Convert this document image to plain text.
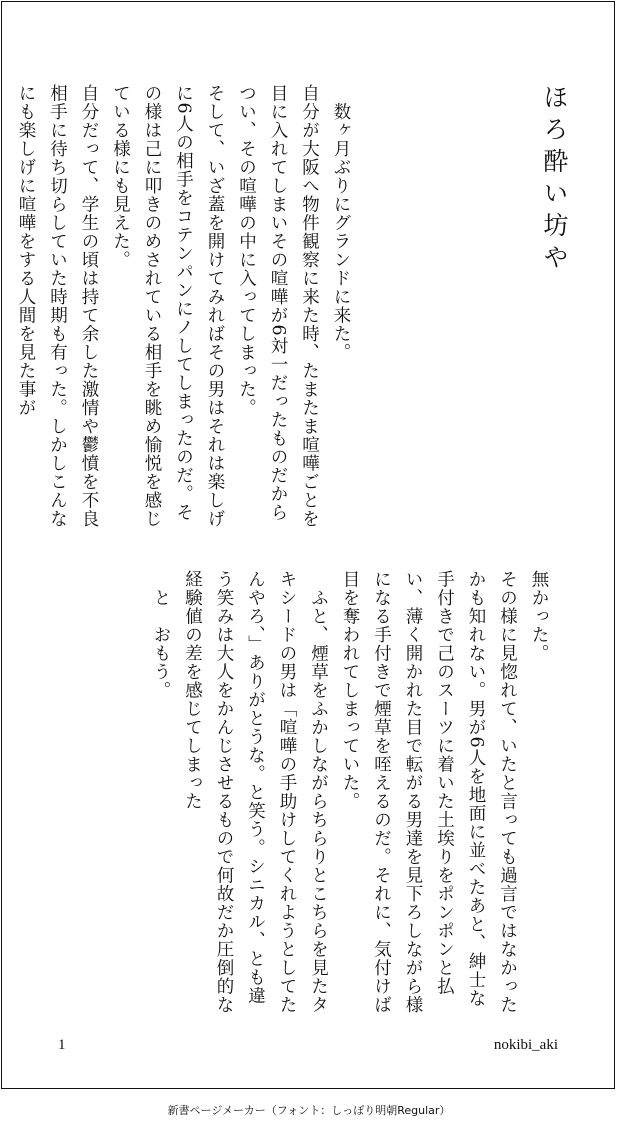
ほろ酔い坊や

　数ヶ月ぶりにグランドに来た。

自分が大阪へ物件観察に来た時、たまたま喧嘩ごとを目に入れてしまいその喧嘩が6対一だったものだからつい、その喧嘩の中に入ってしまった。

そして、いざ蓋を開けてみればその男はそれは楽しげに6人の相手をコテンパンにノしてしまったのだ。その様は己に叩きのめされている相手を眺め愉悦を感じている様にも見えた。

自分だって、学生の頃は持て余した激情や鬱憤を不良相手に待ち切らしていた時期も有った。しかしこんなにも楽しげに喧嘩をする人間を見た事が

無かった。

その様に見惚れて、いたと言っても過言ではなかったかも知れない。男が6人を地面に並べたあと、紳士な手付きで己のスーツに着いた土埃りをポンポンと払い、薄く開かれた目で転がる男達を見下ろしながら様になる手付きで煙草を咥えるのだ。それに、気付けば目を奪われてしまっていた。

　ふと、煙草をふかしながらちらりとこちらを見たタキシードの男は「喧嘩の手助けしてくれようとしてたんやろ、」ありがとうな。と笑う。シニカル、とも違う笑みは大人をかんじさせるもので何故だか圧倒的な経験値の差を感じてしまった

　と　おもう。

1	nokibi_aki
新書ページメーカー（フォント：しっぽり明朝Regular）
